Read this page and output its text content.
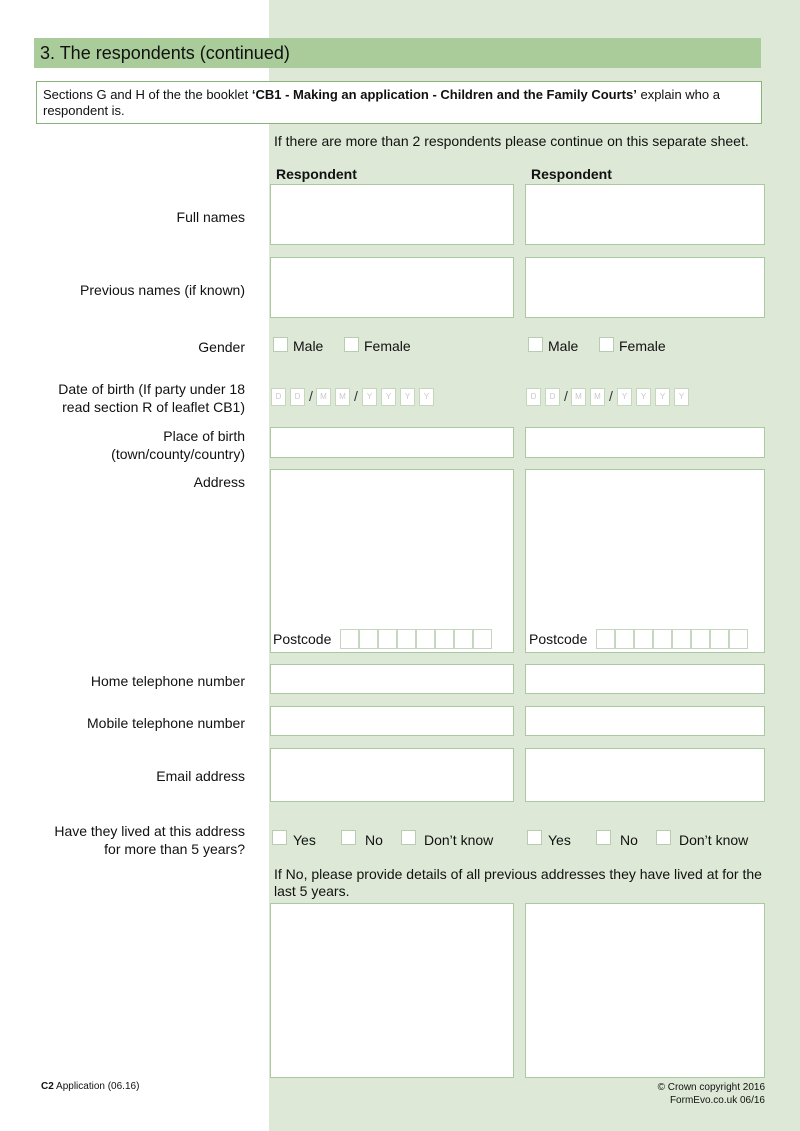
3. The respondents (continued)
Sections G and H of the the booklet ‘CB1 - Making an application - Children and the Family Courts’ explain who a respondent is.
If there are more than 2 respondents please continue on this separate sheet.
Respondent	Respondent
Full names
Previous names (if known)
Gender	Male	Female	Male	Female
Date of birth (If party under 18
read section R of leaflet CB1)
D	D / M	M /	Y	Y	Y	Y	D	D / M	M /	Y	Y	Y	Y
Place of birth
(town/county/country)
Address
Postcode	Postcode
Home telephone number
Mobile telephone number
Email address
Have they lived at this address
for more than 5 years?
Yes	No	Don’t know	Yes	No	Don’t know
If No, please provide details of all previous addresses they have lived at for the last 5 years.
C2 Application (06.16)	© Crown copyright 2016
FormEvo.co.uk 06/16
